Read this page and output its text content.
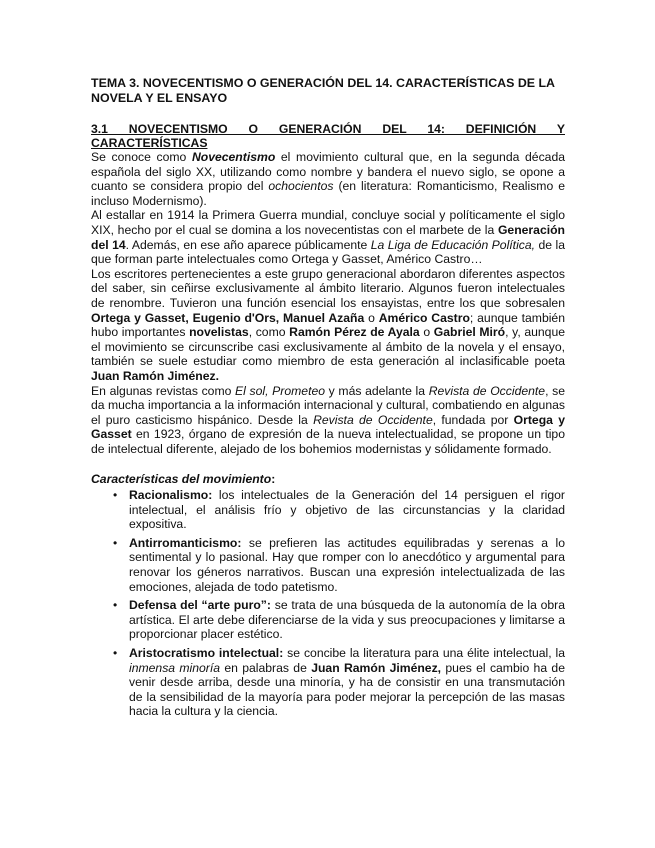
TEMA 3. NOVECENTISMO O GENERACIÓN DEL 14. CARACTERÍSTICAS DE LA NOVELA Y EL ENSAYO

3.1 NOVECENTISMO O GENERACIÓN DEL 14: DEFINICIÓN Y
CARACTERÍSTICAS

Se conoce como Novecentismo el movimiento cultural que, en la segunda década española del siglo XX, utilizando como nombre y bandera el nuevo siglo, se opone a cuanto se considera propio del ochocientos (en literatura: Romanticismo, Realismo e incluso Modernismo).

Al estallar en 1914 la Primera Guerra mundial, concluye social y políticamente el siglo XIX, hecho por el cual se domina a los novecentistas con el marbete de la Generación del 14. Además, en ese año aparece públicamente La Liga de Educación Política, de la que forman parte intelectuales como Ortega y Gasset, Américo Castro…

Los escritores pertenecientes a este grupo generacional abordaron diferentes aspectos del saber, sin ceñirse exclusivamente al ámbito literario. Algunos fueron intelectuales de renombre. Tuvieron una función esencial los ensayistas, entre los que sobresalen Ortega y Gasset, Eugenio d'Ors, Manuel Azaña o Américo Castro; aunque también hubo importantes novelistas, como Ramón Pérez de Ayala o Gabriel Miró, y, aunque el movimiento se circunscribe casi exclusivamente al ámbito de la novela y el ensayo, también se suele estudiar como miembro de esta generación al inclasificable poeta Juan Ramón Jiménez.

En algunas revistas como El sol, Prometeo y más adelante la Revista de Occidente, se da mucha importancia a la información internacional y cultural, combatiendo en algunas el puro casticismo hispánico. Desde la Revista de Occidente, fundada por Ortega y Gasset en 1923, órgano de expresión de la nueva intelectualidad, se propone un tipo de intelectual diferente, alejado de los bohemios modernistas y sólidamente formado.

Características del movimiento:

• Racionalismo: los intelectuales de la Generación del 14 persiguen el rigor intelectual, el análisis frío y objetivo de las circunstancias y la claridad expositiva.
• Antirromanticismo: se prefieren las actitudes equilibradas y serenas a lo sentimental y lo pasional. Hay que romper con lo anecdótico y argumental para renovar los géneros narrativos. Buscan una expresión intelectualizada de las emociones, alejada de todo patetismo.
• Defensa del “arte puro”: se trata de una búsqueda de la autonomía de la obra artística. El arte debe diferenciarse de la vida y sus preocupaciones y limitarse a proporcionar placer estético.
• Aristocratismo intelectual: se concibe la literatura para una élite intelectual, la inmensa minoría en palabras de Juan Ramón Jiménez, pues el cambio ha de venir desde arriba, desde una minoría, y ha de consistir en una transmutación de la sensibilidad de la mayoría para poder mejorar la percepción de las masas hacia la cultura y la ciencia.
